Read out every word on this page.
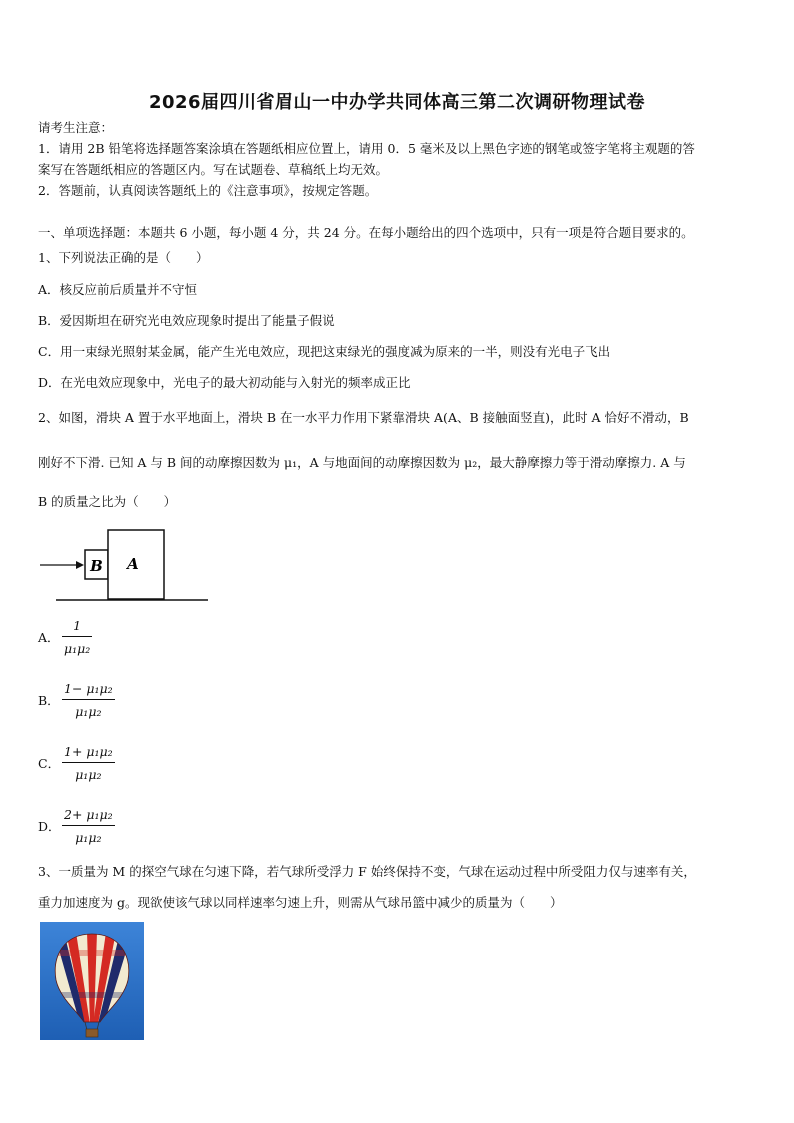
2026届四川省眉山一中办学共同体高三第二次调研物理试卷
请考生注意：
1．请用 2B 铅笔将选择题答案涂填在答题纸相应位置上，请用 0．5 毫米及以上黑色字迹的钢笔或签字笔将主观题的答
案写在答题纸相应的答题区内。写在试题卷、草稿纸上均无效。
2．答题前，认真阅读答题纸上的《注意事项》，按规定答题。
一、单项选择题：本题共 6 小题，每小题 4 分，共 24 分。在每小题给出的四个选项中，只有一项是符合题目要求的。
1、下列说法正确的是（　　）
A．核反应前后质量并不守恒
B．爱因斯坦在研究光电效应现象时提出了能量子假说
C．用一束绿光照射某金属，能产生光电效应，现把这束绿光的强度减为原来的一半，则没有光电子飞出
D．在光电效应现象中，光电子的最大初动能与入射光的频率成正比
2、如图，滑块 A 置于水平地面上，滑块 B 在一水平力作用下紧靠滑块 A(A、B 接触面竖直)，此时 A 恰好不滑动，B
刚好不下滑. 已知 A 与 B 间的动摩擦因数为 μ₁，A 与地面间的动摩擦因数为 μ₂，最大静摩擦力等于滑动摩擦力. A 与
B 的质量之比为（　　）
B A
A．
1
μ₁μ₂
B．
1− μ₁μ₂
μ₁μ₂
C．
1+ μ₁μ₂
μ₁μ₂
D．
2+ μ₁μ₂
μ₁μ₂
3、一质量为 M 的探空气球在匀速下降，若气球所受浮力 F 始终保持不变，气球在运动过程中所受阻力仅与速率有关，
重力加速度为 g。现欲使该气球以同样速率匀速上升，则需从气球吊篮中减少的质量为（　　）
